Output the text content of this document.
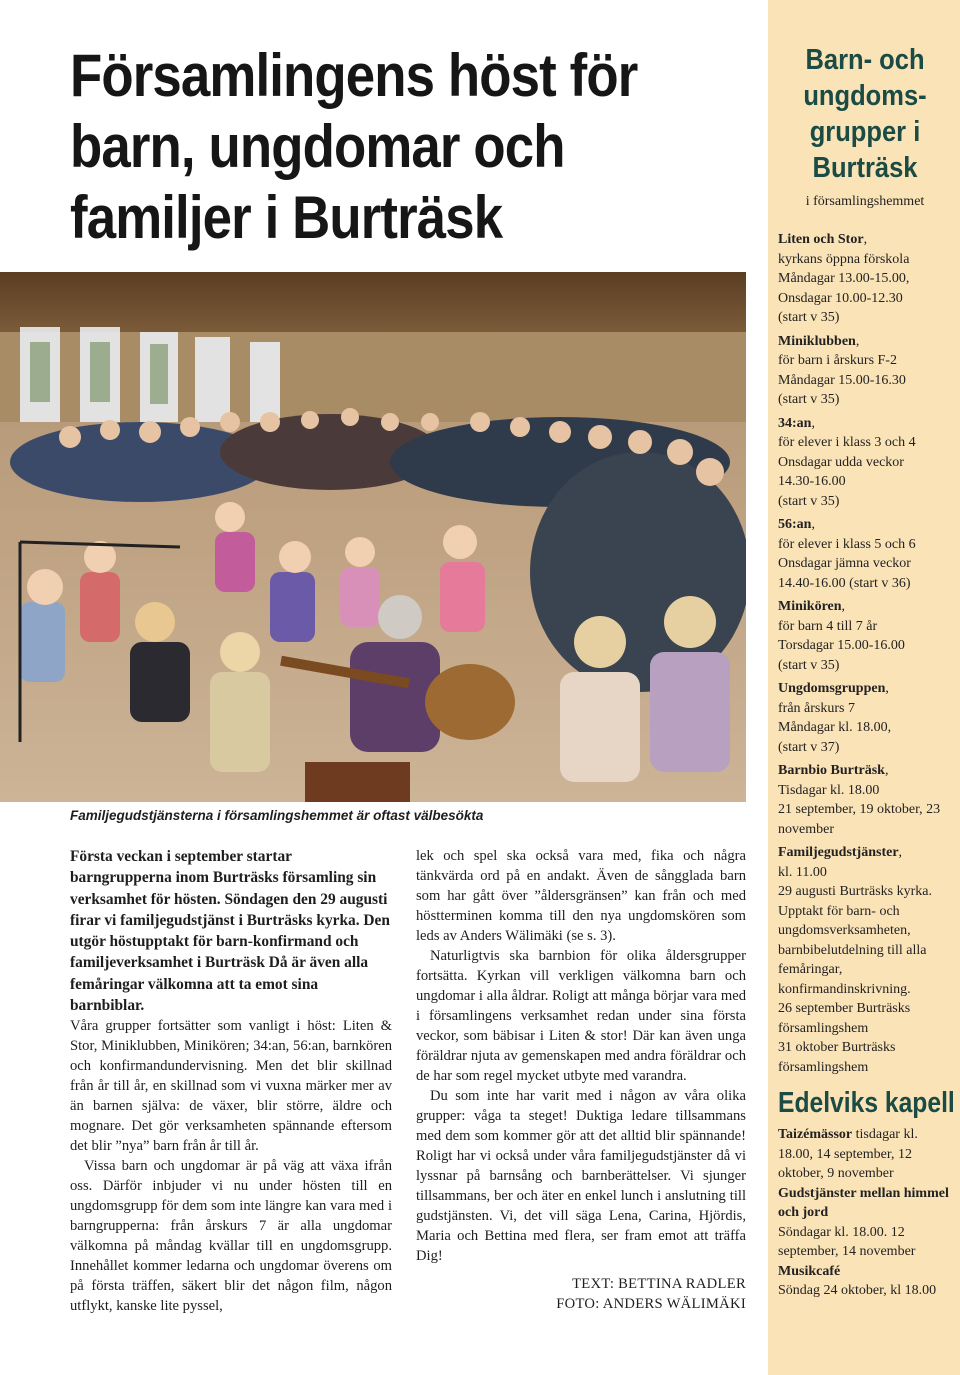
Församlingens höst för
barn, ungdomar och
familjer i Burträsk
Familjegudstjänsterna i församlingshemmet är oftast välbesökta

Första veckan i september startar barngrupperna inom Burträsks församling sin verksamhet för hösten. Söndagen den 29 augusti firar vi familjegudstjänst i Burträsks kyrka. Den utgör höstupptakt för barn-konfirmand och familjeverksamhet i Burträsk Då är även alla femåringar välkomna att ta emot sina barnbiblar.

Våra grupper fortsätter som vanligt i höst: Liten & Stor, Miniklubben, Minikören; 34:an, 56:an, barnkören och konfirmandundervisning. Men det blir skillnad från år till år, en skillnad som vi vuxna märker mer av än barnen själva: de växer, blir större, äldre och mognare. Det gör verksamheten spännande eftersom det blir ”nya” barn från år till år.

Vissa barn och ungdomar är på väg att växa ifrån oss. Därför inbjuder vi nu under hösten till en ungdomsgrupp för dem som inte längre kan vara med i barngrupperna: från årskurs 7 är alla ungdomar välkomna på måndag kvällar till en ungdomsgrupp. Innehållet kommer ledarna och ungdomar överens om på första träffen, säkert blir det någon film, någon utflykt, kanske lite pyssel,

lek och spel ska också vara med, fika och några tänkvärda ord på en andakt. Även de sångglada barn som har gått över ”åldersgränsen” kan från och med höstterminen komma till den nya ungdomskören som leds av Anders Wälimäki (se s. 3).

Naturligtvis ska barnbion för olika åldersgrupper fortsätta. Kyrkan vill verkligen välkomna barn och ungdomar i alla åldrar. Roligt att många börjar vara med i församlingens verksamhet redan under sina första veckor, som bäbisar i Liten & stor! Där kan även unga föräldrar njuta av gemenskapen med andra föräldrar och de har som regel mycket utbyte med varandra.

Du som inte har varit med i någon av våra olika grupper: våga ta steget! Duktiga ledare tillsammans med dem som kommer gör att det alltid blir spännande! Roligt har vi också under våra familjegudstjänster då vi lyssnar på barnsång och barnberättelser. Vi sjunger tillsammans, ber och äter en enkel lunch i anslutning till gudstjänsten. Vi, det vill säga Lena, Carina, Hjördis, Maria och Bettina med flera, ser fram emot att träffa Dig!

TEXT: BETTINA RADLER
FOTO: ANDERS WÄLIMÄKI
Barn- och ungdoms-grupper i Burträsk
i församlingshemmet
Liten och Stor,
kyrkans öppna förskola
Måndagar 13.00-15.00,
Onsdagar 10.00-12.30
(start v 35)
Miniklubben,
för barn i årskurs F-2
Måndagar 15.00-16.30
(start v 35)
34:an,
för elever i klass 3 och 4
Onsdagar udda veckor
14.30-16.00
(start v 35)
56:an,
för elever i klass 5 och 6
Onsdagar jämna veckor
14.40-16.00 (start v 36)
Minikören,
för barn 4 till 7 år
Torsdagar 15.00-16.00
(start v 35)
Ungdomsgruppen,
från årskurs 7
Måndagar kl. 18.00,
(start v 37)
Barnbio Burträsk,
Tisdagar kl. 18.00
21 september, 19 oktober, 23 november
Familjegudstjänster,
kl. 11.00
29 augusti Burträsks kyrka.
Upptakt för barn- och ungdomsverksamheten, barnbibelutdelning till alla femåringar, konfirmandinskrivning.
26 september Burträsks församlingshem
31 oktober Burträsks församlingshem
Edelviks kapell
Taizémässor tisdagar kl. 18.00, 14 september, 12 oktober, 9 november
Gudstjänster mellan himmel och jord
Söndagar kl. 18.00. 12 september, 14 november
Musikcafé
Söndag 24 oktober, kl 18.00
